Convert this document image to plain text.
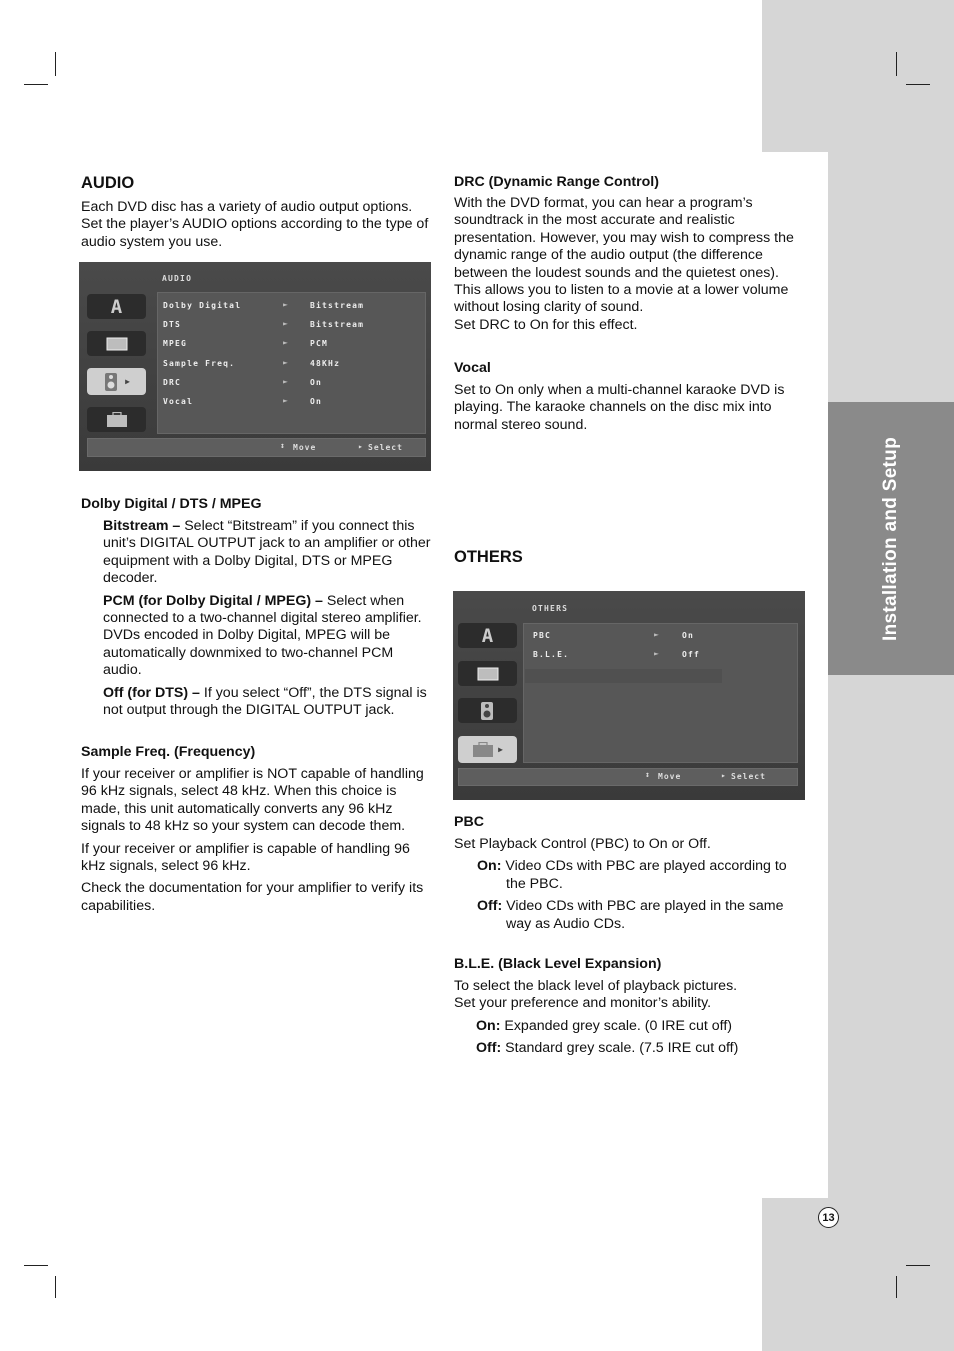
Installation and Setup
13
AUDIO
Each DVD disc has a variety of audio output options. Set the player’s AUDIO options according to the type of audio system you use.
AUDIO
A
▶
Dolby Digital	►	Bitstream
DTS	►	Bitstream
MPEG	►	PCM
Sample Freq.	►	48KHz
DRC	►	On
Vocal	►	On
↕ Move	▸ Select
Dolby Digital / DTS / MPEG

Bitstream – Select “Bitstream” if you connect this unit’s DIGITAL OUTPUT jack to an amplifier or other equipment with a Dolby Digital, DTS or MPEG decoder.

PCM (for Dolby Digital / MPEG) – Select when connected to a two-channel digital stereo amplifier. DVDs encoded in Dolby Digital, MPEG will be automatically downmixed to two-channel PCM audio.

Off (for DTS) – If you select “Off”, the DTS signal is not output through the DIGITAL OUTPUT jack.

Sample Freq. (Frequency)

If your receiver or amplifier is NOT capable of handling 96 kHz signals, select 48 kHz. When this choice is made, this unit automatically converts any 96 kHz signals to 48 kHz so your system can decode them.

If your receiver or amplifier is capable of handling 96 kHz signals, select 96 kHz.

Check the documentation for your amplifier to verify its capabilities.

DRC (Dynamic Range Control)
With the DVD format, you can hear a program’s soundtrack in the most accurate and realistic presentation. However, you may wish to compress the dynamic range of the audio output (the difference between the loudest sounds and the quietest ones). This allows you to listen to a movie at a lower volume without losing clarity of sound.
Set DRC to On for this effect.
Vocal
Set to On only when a multi-channel karaoke DVD is playing. The karaoke channels on the disc mix into normal stereo sound.
OTHERS
OTHERS
A
▶
PBC	►	On
B.L.E.	►	Off
↕ Move	▸ Select
PBC

Set Playback Control (PBC) to On or Off.

On: Video CDs with PBC are played according to the PBC.

Off: Video CDs with PBC are played in the same way as Audio CDs.

B.L.E. (Black Level Expansion)
To select the black level of playback pictures.

Set your preference and monitor’s ability.

On: Expanded grey scale. (0 IRE cut off)

Off: Standard grey scale. (7.5 IRE cut off)
